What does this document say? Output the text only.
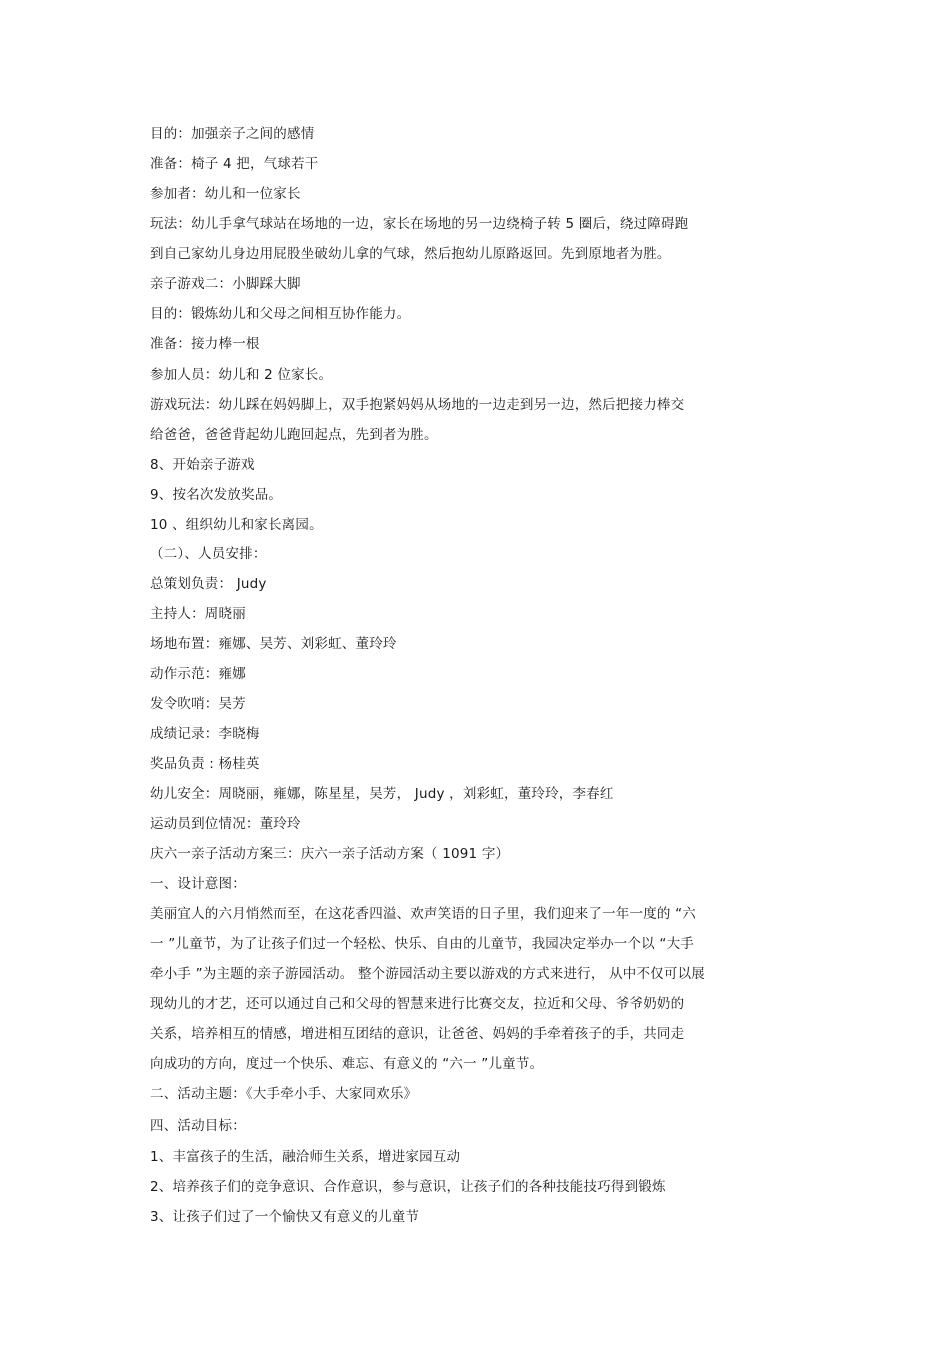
目的：加强亲子之间的感情
准备：椅子 4 把，气球若干
参加者：幼儿和一位家长
玩法：幼儿手拿气球站在场地的一边，家长在场地的另一边绕椅子转 5 圈后，绕过障碍跑
到自己家幼儿身边用屁股坐破幼儿拿的气球，然后抱幼儿原路返回。先到原地者为胜。
亲子游戏二：小脚踩大脚
目的：锻炼幼儿和父母之间相互协作能力。
准备：接力棒一根
参加人员：幼儿和 2 位家长。
游戏玩法：幼儿踩在妈妈脚上，双手抱紧妈妈从场地的一边走到另一边，然后把接力棒交
给爸爸，爸爸背起幼儿跑回起点，先到者为胜。
8、开始亲子游戏
9、按名次发放奖品。
10 、组织幼儿和家长离园。
（二）、人员安排：
总策划负责： Judy
主持人：周晓丽
场地布置：雍娜、吴芳、刘彩虹、董玲玲
动作示范：雍娜
发令吹哨：吴芳
成绩记录：李晓梅
奖品负责 : 杨桂英
幼儿安全：周晓丽，雍娜，陈星星，吴芳， Judy ，刘彩虹，董玲玲，李春红
运动员到位情况：董玲玲
庆六一亲子活动方案三：庆六一亲子活动方案（ 1091 字）
一、设计意图：
美丽宜人的六月悄然而至，在这花香四溢、欢声笑语的日子里，我们迎来了一年一度的 “六
一 ”儿童节，为了让孩子们过一个轻松、快乐、自由的儿童节，我园决定举办一个以 “大手
牵小手 ”为主题的亲子游园活动。 整个游园活动主要以游戏的方式来进行， 从中不仅可以展
现幼儿的才艺，还可以通过自己和父母的智慧来进行比赛交友，拉近和父母、爷爷奶奶的
关系，培养相互的情感，增进相互团结的意识，让爸爸、妈妈的手牵着孩子的手，共同走
向成功的方向，度过一个快乐、难忘、有意义的 “六一 ”儿童节。
二、活动主题：《大手牵小手、大家同欢乐》
四、活动目标：
1、丰富孩子的生活，融洽师生关系，增进家园互动
2、培养孩子们的竞争意识、合作意识，参与意识，让孩子们的各种技能技巧得到锻炼
3、让孩子们过了一个愉快又有意义的儿童节
